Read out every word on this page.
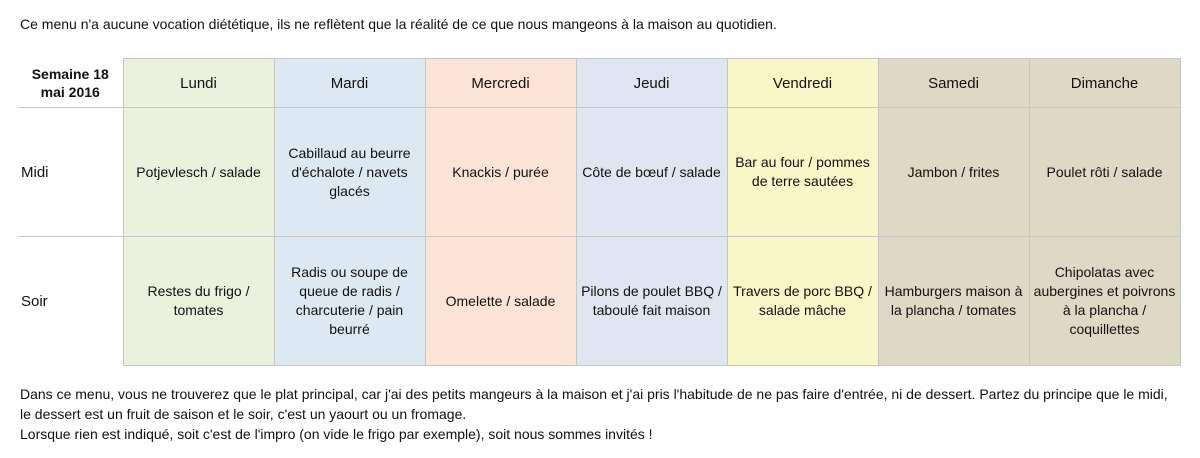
Ce menu n'a aucune vocation diététique, ils ne reflètent que la réalité de ce que nous mangeons à la maison au quotidien.
Semaine 18 mai 2016	Lundi	Mardi	Mercredi	Jeudi	Vendredi	Samedi	Dimanche
Midi	Potjevlesch / salade	Cabillaud au beurre d'échalote / navets glacés	Knackis / purée	Côte de bœuf / salade	Bar au four / pommes de terre sautées	Jambon / frites	Poulet rôti / salade
Soir	Restes du frigo / tomates	Radis ou soupe de queue de radis / charcuterie / pain beurré	Omelette / salade	Pilons de poulet BBQ / taboulé fait maison	Travers de porc BBQ / salade mâche	Hamburgers maison à la plancha / tomates	Chipolatas avec aubergines et poivrons à la plancha / coquillettes

Dans ce menu, vous ne trouverez que le plat principal, car j'ai des petits mangeurs à la maison et j'ai pris l'habitude de ne pas faire d'entrée, ni de dessert. Partez du principe que le midi, le dessert est un fruit de saison et le soir, c'est un yaourt ou un fromage.

Lorsque rien est indiqué, soit c'est de l'impro (on vide le frigo par exemple), soit nous sommes invités !
